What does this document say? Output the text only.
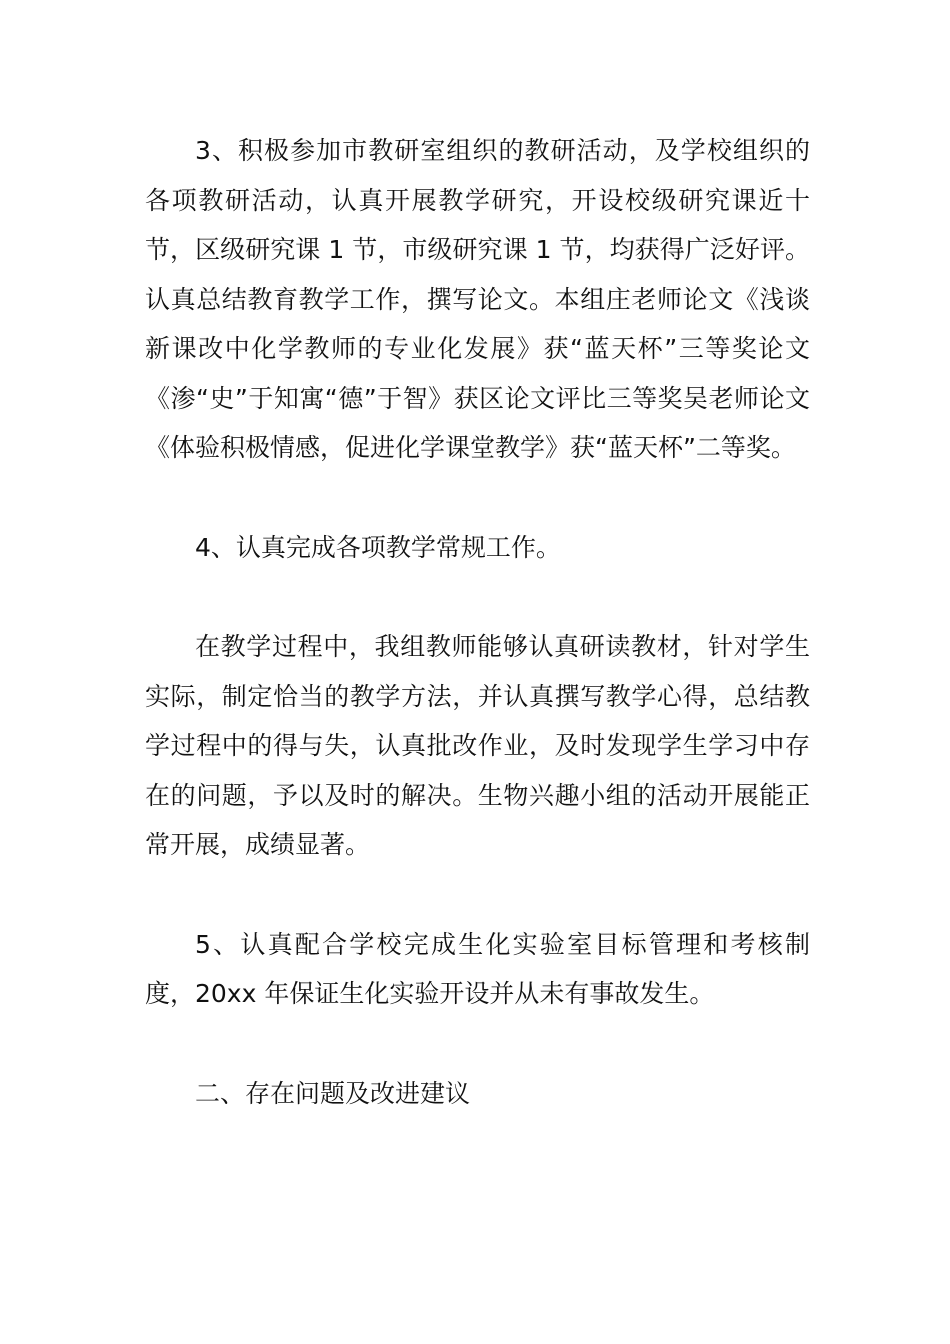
3、积极参加市教研室组织的教研活动，及学校组织的各项教研活动，认真开展教学研究，开设校级研究课近十节，区级研究课 1 节，市级研究课 1 节，均获得广泛好评。认真总结教育教学工作，撰写论文。本组庄老师论文《浅谈新课改中化学教师的专业化发展》获“蓝天杯”三等奖论文《渗“史”于知寓“德”于智》获区论文评比三等奖吴老师论文《体验积极情感，促进化学课堂教学》获“蓝天杯”二等奖。

4、认真完成各项教学常规工作。

在教学过程中，我组教师能够认真研读教材，针对学生实际，制定恰当的教学方法，并认真撰写教学心得，总结教学过程中的得与失，认真批改作业，及时发现学生学习中存在的问题，予以及时的解决。生物兴趣小组的活动开展能正常开展，成绩显著。

5、认真配合学校完成生化实验室目标管理和考核制度，20xx 年保证生化实验开设并从未有事故发生。

二、存在问题及改进建议
